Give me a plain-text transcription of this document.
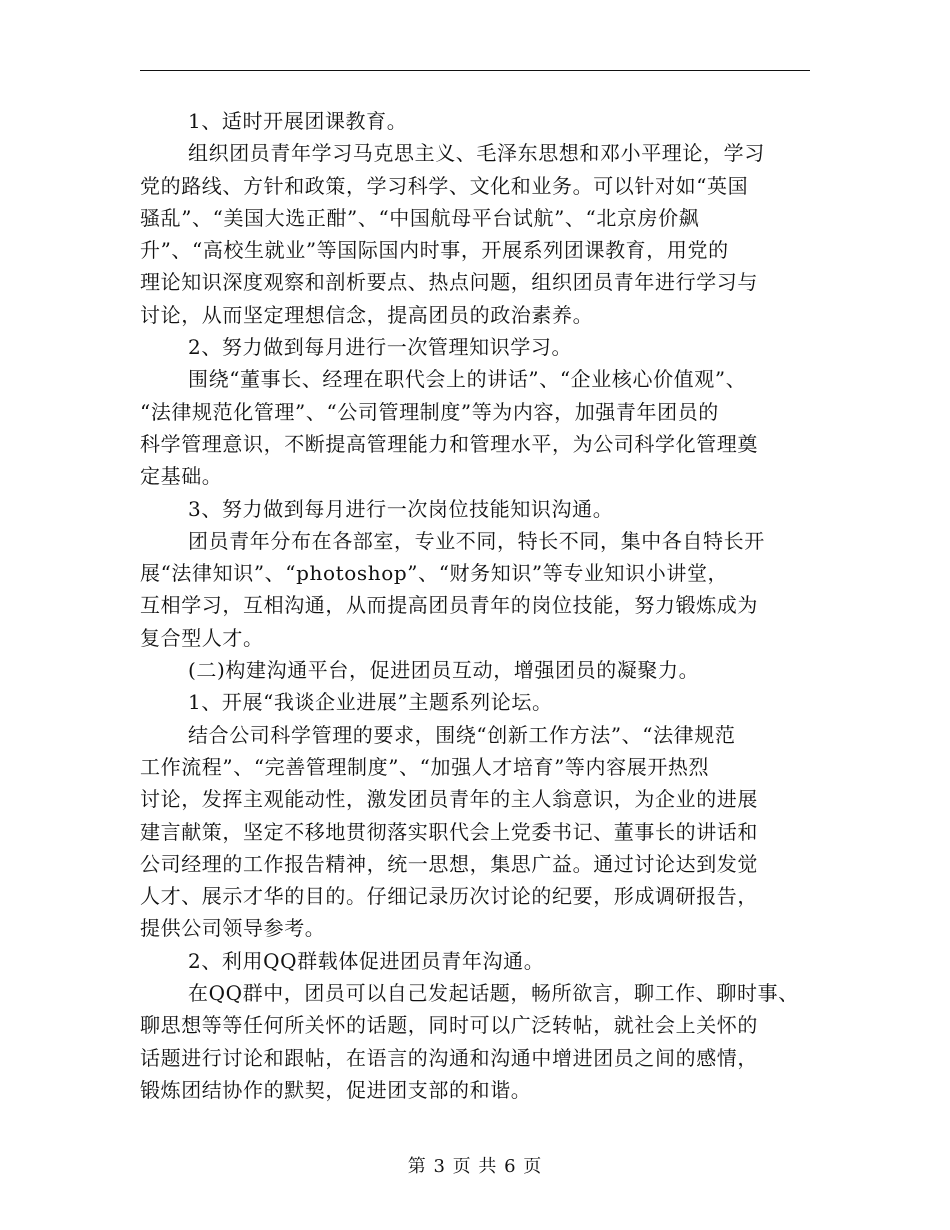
1、适时开展团课教育。
组织团员青年学习马克思主义、毛泽东思想和邓小平理论，学习
党的路线、方针和政策，学习科学、文化和业务。可以针对如“英国
骚乱”、“美国大选正酣”、“中国航母平台试航”、“北京房价飙
升”、“高校生就业”等国际国内时事，开展系列团课教育，用党的
理论知识深度观察和剖析要点、热点问题，组织团员青年进行学习与
讨论，从而坚定理想信念，提高团员的政治素养。
2、努力做到每月进行一次管理知识学习。
围绕“董事长、经理在职代会上的讲话”、“企业核心价值观”、
“法律规范化管理”、“公司管理制度”等为内容，加强青年团员的
科学管理意识，不断提高管理能力和管理水平，为公司科学化管理奠
定基础。
3、努力做到每月进行一次岗位技能知识沟通。
团员青年分布在各部室，专业不同，特长不同，集中各自特长开
展“法律知识”、“photoshop”、“财务知识”等专业知识小讲堂，
互相学习，互相沟通，从而提高团员青年的岗位技能，努力锻炼成为
复合型人才。
(二)构建沟通平台，促进团员互动，增强团员的凝聚力。
1、开展“我谈企业进展”主题系列论坛。
结合公司科学管理的要求，围绕“创新工作方法”、“法律规范
工作流程”、“完善管理制度”、“加强人才培育”等内容展开热烈
讨论，发挥主观能动性，激发团员青年的主人翁意识，为企业的进展
建言献策，坚定不移地贯彻落实职代会上党委书记、董事长的讲话和
公司经理的工作报告精神，统一思想，集思广益。通过讨论达到发觉
人才、展示才华的目的。仔细记录历次讨论的纪要，形成调研报告，
提供公司领导参考。
2、利用QQ群载体促进团员青年沟通。
在QQ群中，团员可以自己发起话题，畅所欲言，聊工作、聊时事、
聊思想等等任何所关怀的话题，同时可以广泛转帖，就社会上关怀的
话题进行讨论和跟帖，在语言的沟通和沟通中增进团员之间的感情，
锻炼团结协作的默契，促进团支部的和谐。
第 3 页 共 6 页
